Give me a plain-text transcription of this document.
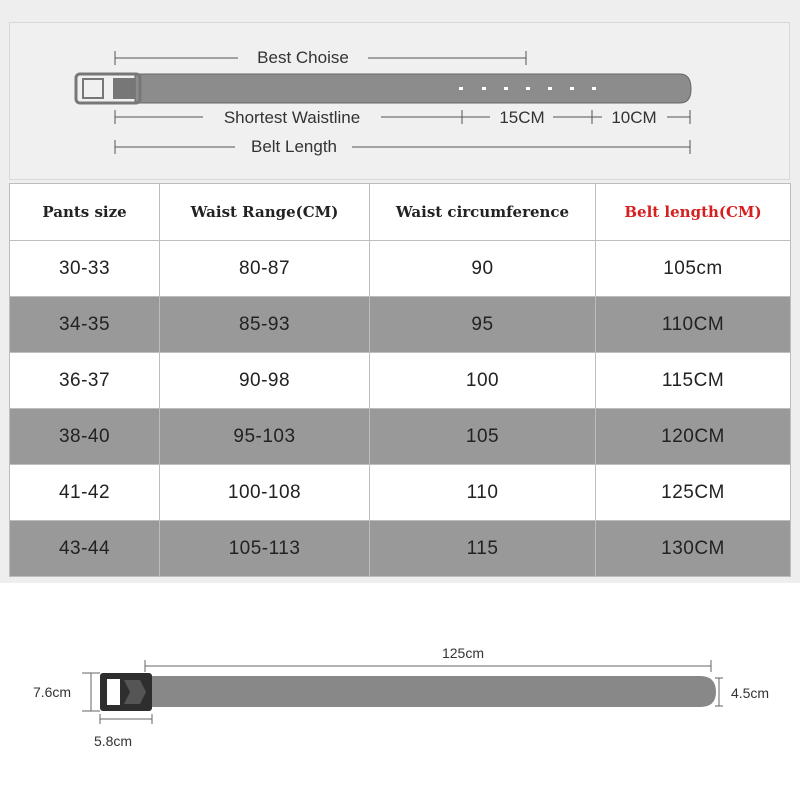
Best Choise
Shortest Waistline	15CM	10CM
Belt Length
Pants size	Waist Range(CM)	Waist circumference	Belt length(CM)
30-33	80-87	90	105cm
34-35	85-93	95	110CM
36-37	90-98	100	115CM
38-40	95-103	105	120CM
41-42	100-108	110	125CM
43-44	105-113	115	130CM
125cm
7.6cm
5.8cm
4.5cm
